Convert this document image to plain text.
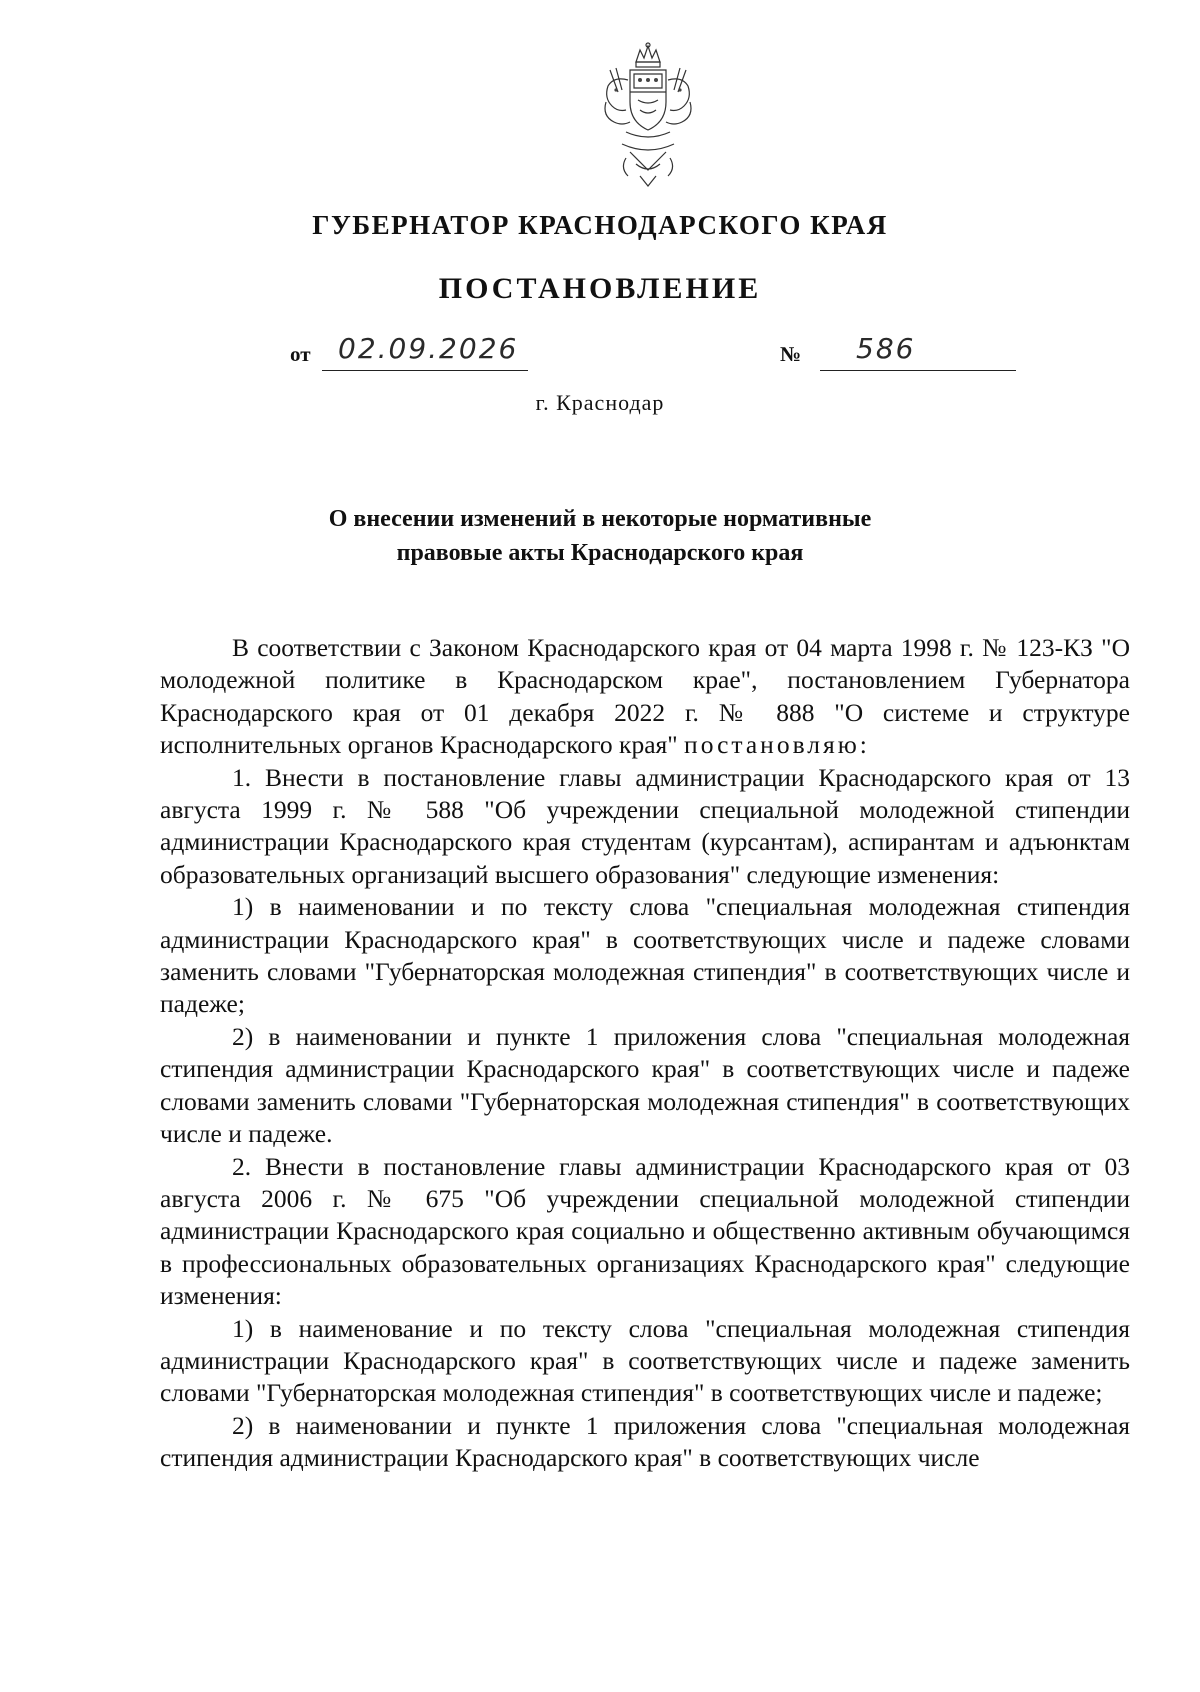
ГУБЕРНАТОР КРАСНОДАРСКОГО КРАЯ
ПОСТАНОВЛЕНИЕ
от 02.09.2026	№ 586
г. Краснодар
О внесении изменений в некоторые нормативные
правовые акты Краснодарского края

В соответствии с Законом Краснодарского края от 04 марта 1998 г. № 123-КЗ "О молодежной политике в Краснодарском крае", постановлением Губернатора Краснодарского края от 01 декабря 2022 г. № 888 "О системе и структуре исполнительных органов Краснодарского края" постановляю:

1. Внести в постановление главы администрации Краснодарского края от 13 августа 1999 г. № 588 "Об учреждении специальной молодежной стипендии администрации Краснодарского края студентам (курсантам), аспирантам и адъюнктам образовательных организаций высшего образования" следующие изменения:

1) в наименовании и по тексту слова "специальная молодежная стипендия администрации Краснодарского края" в соответствующих числе и падеже словами заменить словами "Губернаторская молодежная стипендия" в соответствующих числе и падеже;

2) в наименовании и пункте 1 приложения слова "специальная молодежная стипендия администрации Краснодарского края" в соответствующих числе и падеже словами заменить словами "Губернаторская молодежная стипендия" в соответствующих числе и падеже.

2. Внести в постановление главы администрации Краснодарского края от 03 августа 2006 г. № 675 "Об учреждении специальной молодежной стипендии администрации Краснодарского края социально и общественно активным обучающимся в профессиональных образовательных организациях Краснодарского края" следующие изменения:

1) в наименование и по тексту слова "специальная молодежная стипендия администрации Краснодарского края" в соответствующих числе и падеже заменить словами "Губернаторская молодежная стипендия" в соответствующих числе и падеже;

2) в наименовании и пункте 1 приложения слова "специальная молодежная стипендия администрации Краснодарского края" в соответствующих числе
